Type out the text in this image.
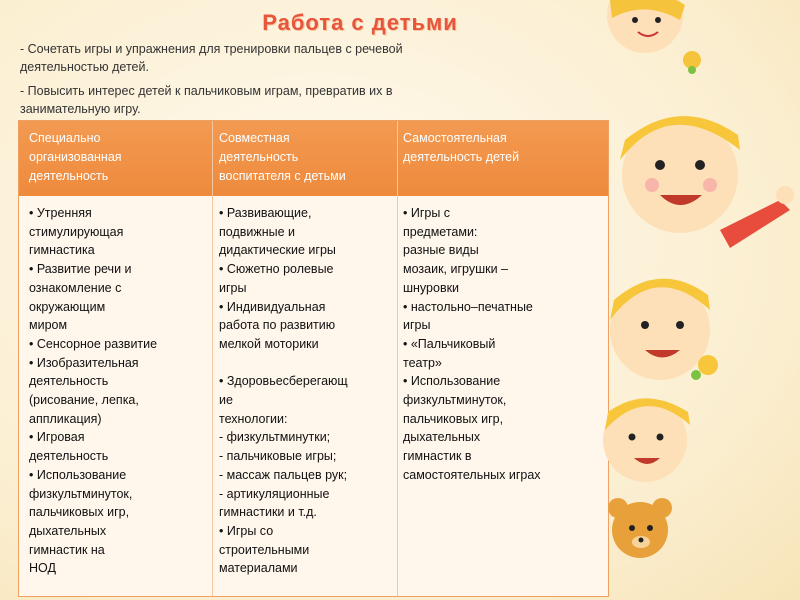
Работа с детьми
- Сочетать игры и упражнения для тренировки пальцев с речевой
деятельностью детей.
- Повысить интерес детей к пальчиковым играм, превратив их в
занимательную игру.
Специально
организованная
деятельность
Совместная
деятельность
воспитателя с детьми
Самостоятельная
деятельность детей
• Утренняя
стимулирующая
гимнастика
• Развитие речи и
ознакомление с
окружающим
миром
• Сенсорное развитие
• Изобразительная
деятельность
(рисование, лепка,
аппликация)
• Игровая
деятельность
• Использование
физкультминуток,
пальчиковых игр,
дыхательных
гимнастик на
НОД
• Развивающие,
подвижные и
дидактические игры
• Сюжетно ролевые
игры
• Индивидуальная
работа по развитию
мелкой моторики

• Здоровьесберегающ
ие
технологии:
- физкультминутки;
- пальчиковые игры;
- массаж пальцев рук;
- артикуляционные
гимнастики и т.д.
• Игры со
строительными
материалами
• Игры с
предметами:
разные виды
мозаик, игрушки –
шнуровки
• настольно–печатные
игры
• «Пальчиковый
театр»
• Использование
физкультминуток,
пальчиковых игр,
дыхательных
гимнастик в
самостоятельных играх
